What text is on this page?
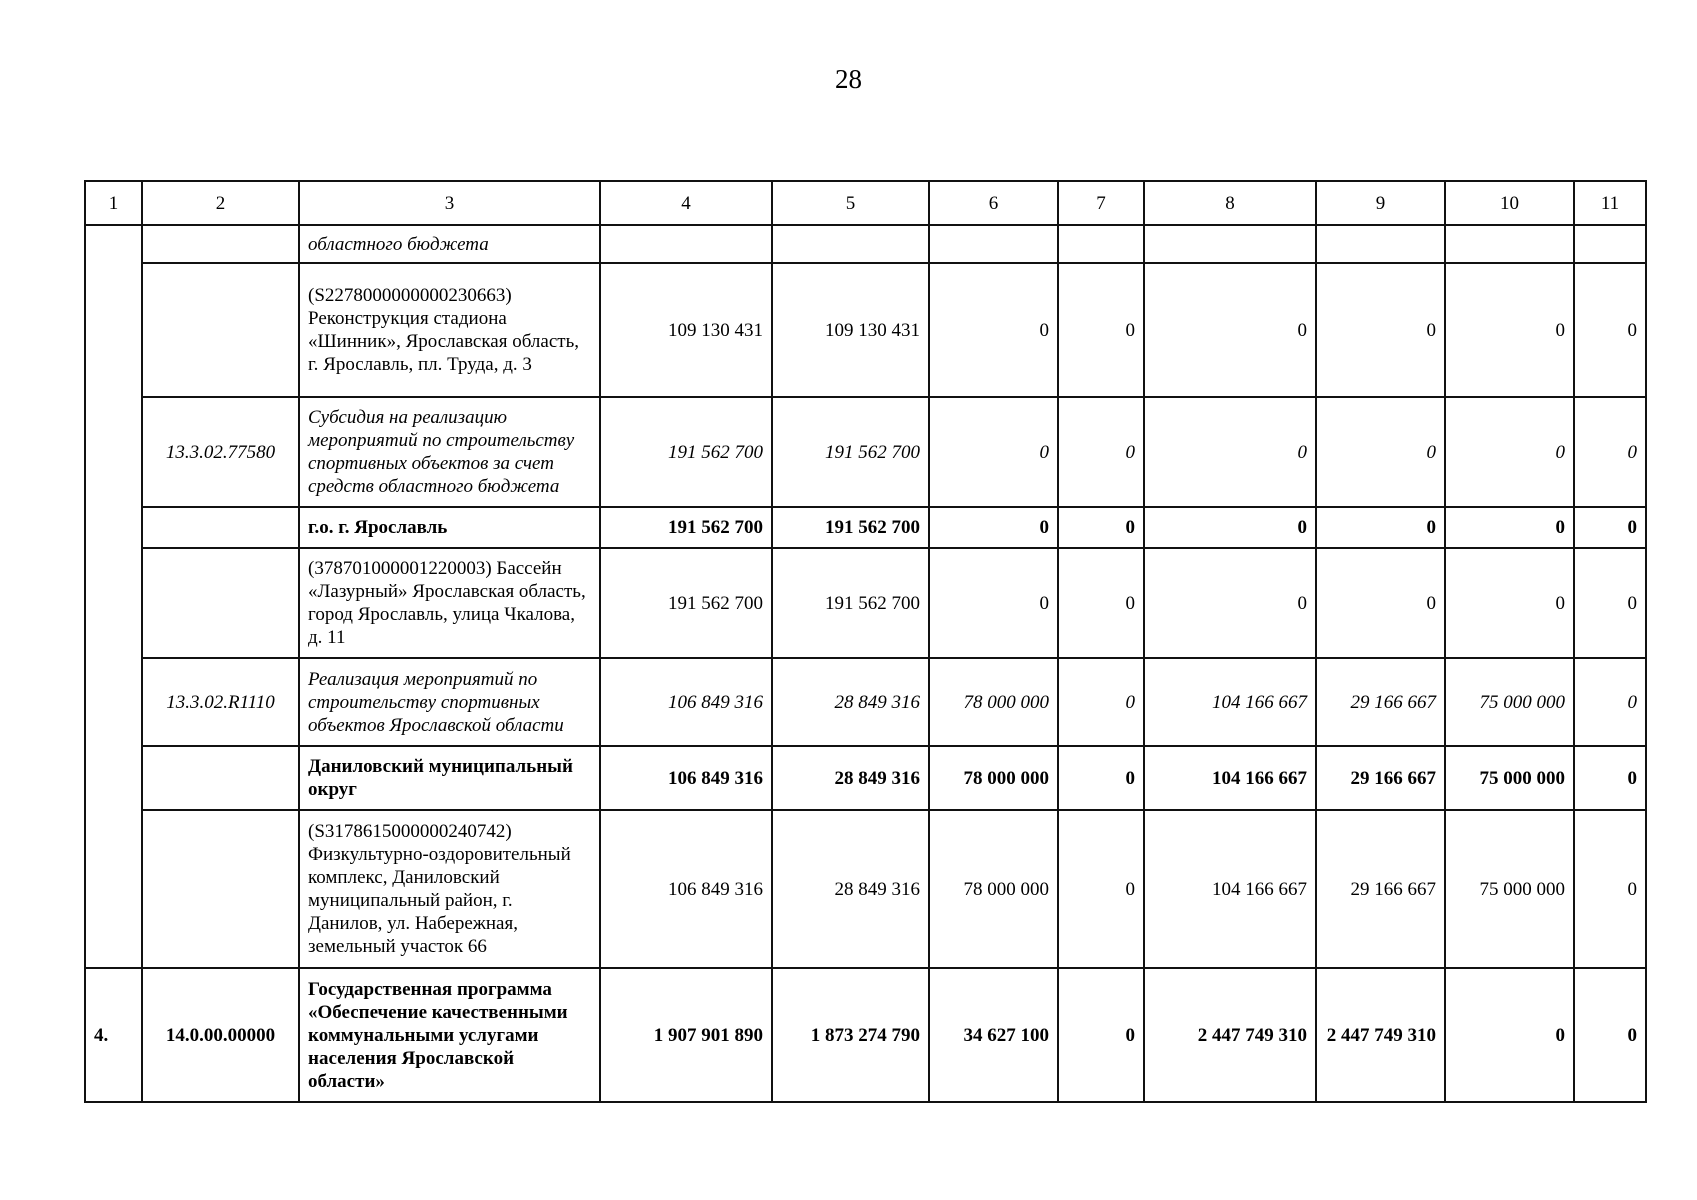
28
1	2	3	4	5	6	7	8	9	10	11
		областного бюджета								
		(S2278000000000230663) Реконструкция стадиона «Шинник», Ярославская область, г. Ярославль, пл. Труда, д. 3	109 130 431	109 130 431	0	0	0	0	0	0
	13.3.02.77580	Субсидия на реализацию мероприятий по строительству спортивных объектов за счет средств областного бюджета	191 562 700	191 562 700	0	0	0	0	0	0
		г.о. г. Ярославль	191 562 700	191 562 700	0	0	0	0	0	0
		(378701000001220003) Бассейн «Лазурный» Ярославская область, город Ярославль, улица Чкалова, д. 11	191 562 700	191 562 700	0	0	0	0	0	0
	13.3.02.R1110	Реализация мероприятий по строительству спортивных объектов Ярославской области	106 849 316	28 849 316	78 000 000	0	104 166 667	29 166 667	75 000 000	0
		Даниловский муниципальный округ	106 849 316	28 849 316	78 000 000	0	104 166 667	29 166 667	75 000 000	0
		(S3178615000000240742) Физкультурно-оздоровительный комплекс, Даниловский муниципальный район, г. Данилов, ул. Набережная, земельный участок 66	106 849 316	28 849 316	78 000 000	0	104 166 667	29 166 667	75 000 000	0
4.	14.0.00.00000	Государственная программа «Обеспечение качественными коммунальными услугами населения Ярославской области»	1 907 901 890	1 873 274 790	34 627 100	0	2 447 749 310	2 447 749 310	0	0
